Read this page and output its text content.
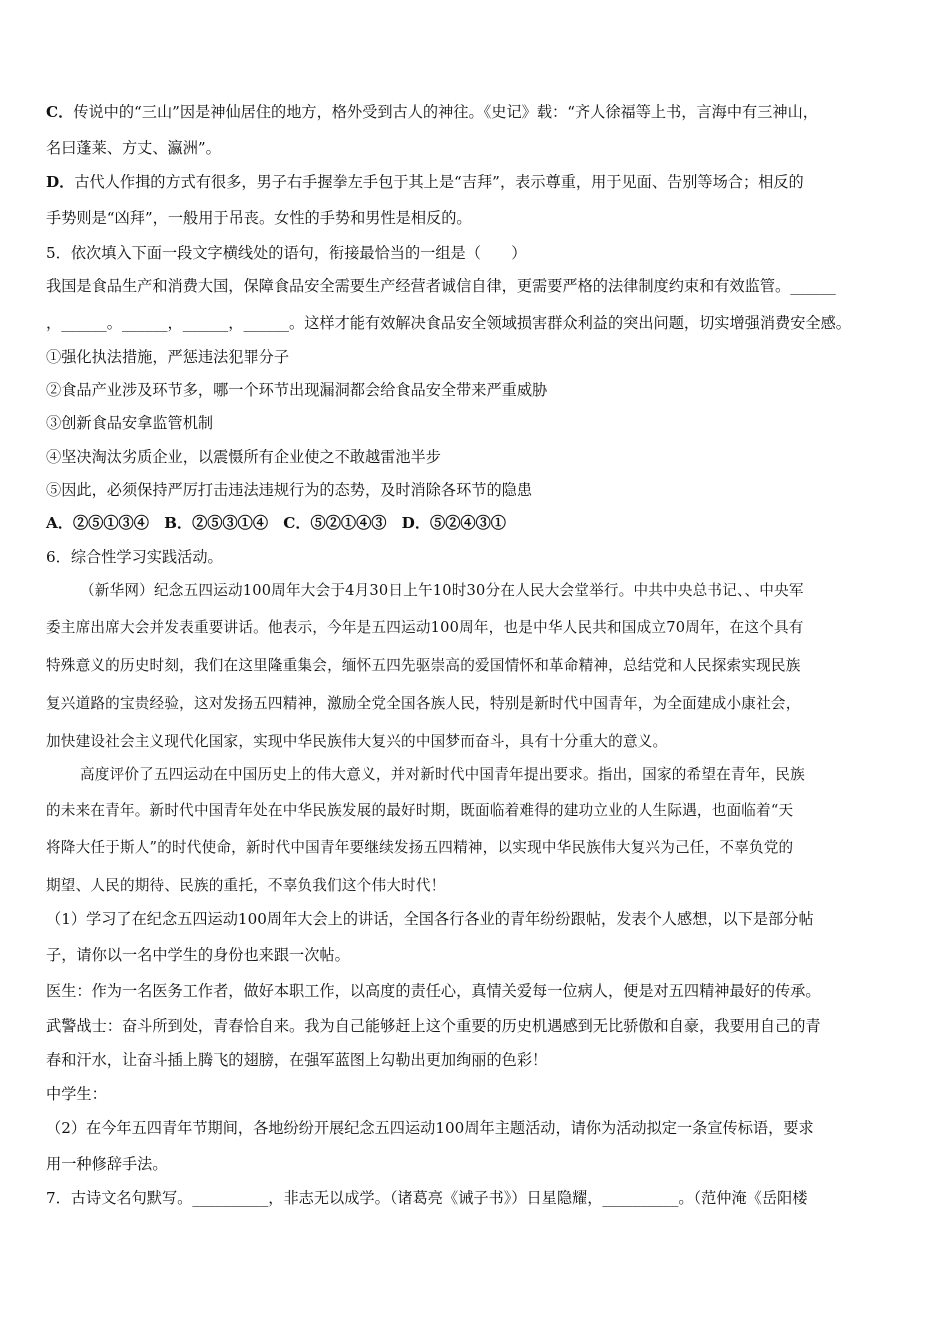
C．传说中的“三山”因是神仙居住的地方，格外受到古人的神往。《史记》载：“齐人徐福等上书，言海中有三神山，
名曰蓬莱、方丈、瀛洲”。
D．古代人作揖的方式有很多，男子右手握拳左手包于其上是“吉拜”，表示尊重，用于见面、告别等场合；相反的
手势则是“凶拜”，一般用于吊丧。女性的手势和男性是相反的。
5．依次填入下面一段文字横线处的语句，衔接最恰当的一组是（　　）
我国是食品生产和消费大国，保障食品安全需要生产经营者诚信自律，更需要严格的法律制度约束和有效监管。______
，______。______，______，______。这样才能有效解决食品安全领域损害群众利益的突出问题，切实增强消费安全感。
①强化执法措施，严惩违法犯罪分子
②食品产业涉及环节多，哪一个环节出现漏洞都会给食品安全带来严重威胁
③创新食品安拿监管机制
④坚决淘汰劣质企业，以震慑所有企业使之不敢越雷池半步
⑤因此，必须保持严厉打击违法违规行为的态势，及时消除各环节的隐患
A．②⑤①③④　B．②⑤③①④　C．⑤②①④③　D．⑤②④③①
6．综合性学习实践活动。
（新华网）纪念五四运动100周年大会于4月30日上午10时30分在人民大会堂举行。中共中央总书记、、中央军
委主席出席大会并发表重要讲话。他表示，今年是五四运动100周年，也是中华人民共和国成立70周年，在这个具有
特殊意义的历史时刻，我们在这里隆重集会，缅怀五四先驱崇高的爱国情怀和革命精神，总结党和人民探索实现民族
复兴道路的宝贵经验，这对发扬五四精神，激励全党全国各族人民，特别是新时代中国青年，为全面建成小康社会，
加快建设社会主义现代化国家，实现中华民族伟大复兴的中国梦而奋斗，具有十分重大的意义。
高度评价了五四运动在中国历史上的伟大意义，并对新时代中国青年提出要求。指出，国家的希望在青年，民族
的未来在青年。新时代中国青年处在中华民族发展的最好时期，既面临着难得的建功立业的人生际遇，也面临着“天
将降大任于斯人”的时代使命，新时代中国青年要继续发扬五四精神，以实现中华民族伟大复兴为己任，不辜负党的
期望、人民的期待、民族的重托，不辜负我们这个伟大时代！
（1）学习了在纪念五四运动100周年大会上的讲话，全国各行各业的青年纷纷跟帖，发表个人感想，以下是部分帖
子，请你以一名中学生的身份也来跟一次帖。
医生：作为一名医务工作者，做好本职工作，以高度的责任心，真情关爱每一位病人，便是对五四精神最好的传承。
武警战士：奋斗所到处，青春恰自来。我为自己能够赶上这个重要的历史机遇感到无比骄傲和自豪，我要用自己的青
春和汗水，让奋斗插上腾飞的翅膀，在强军蓝图上勾勒出更加绚丽的色彩！
中学生：
（2）在今年五四青年节期间，各地纷纷开展纪念五四运动100周年主题活动，请你为活动拟定一条宣传标语，要求
用一种修辞手法。
7．古诗文名句默写。__________，非志无以成学。（诸葛亮《诫子书》）日星隐耀，__________。（范仲淹《岳阳楼
